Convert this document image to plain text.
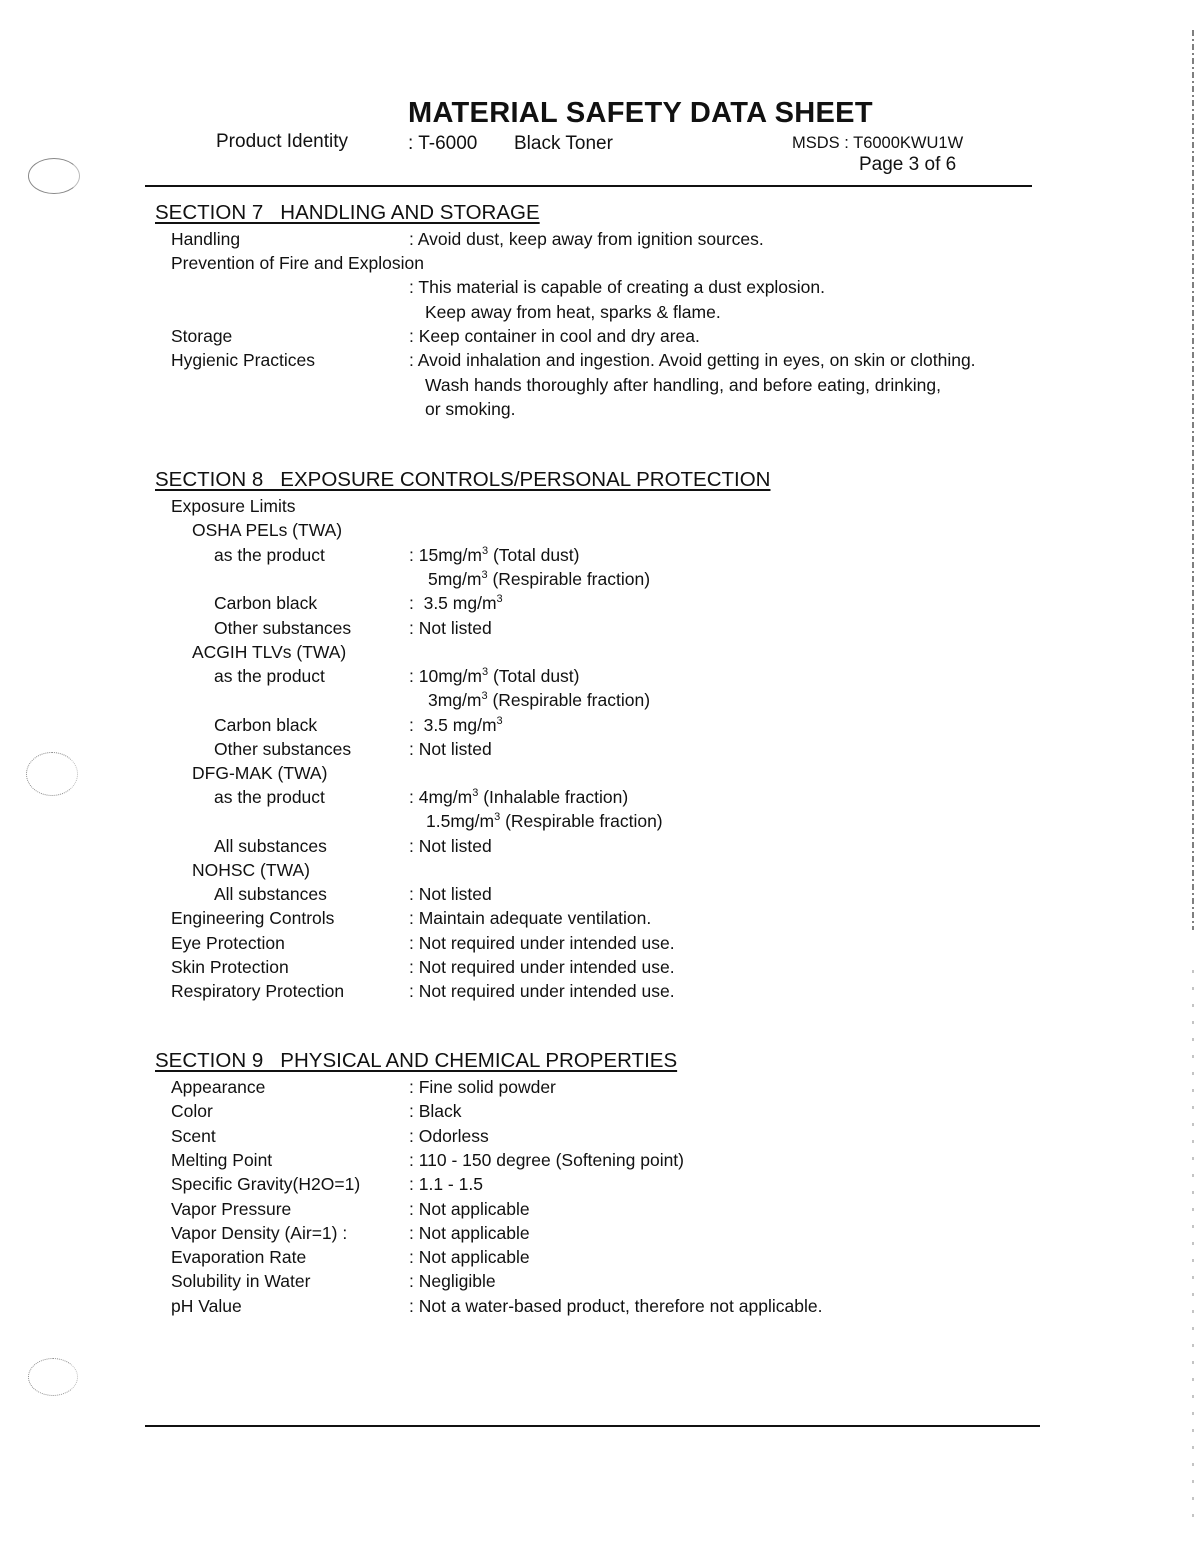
MATERIAL SAFETY DATA SHEET
Product Identity	: T-6000 Black Toner	MSDS : T6000KWU1W
Page 3 of 6
SECTION 7   HANDLING AND STORAGE
Handling	: Avoid dust, keep away from ignition sources.
Prevention of Fire and Explosion
: This material is capable of creating a dust explosion.
Keep away from heat, sparks & flame.
Storage	: Keep container in cool and dry area.
Hygienic Practices	: Avoid inhalation and ingestion. Avoid getting in eyes, on skin or clothing.
Wash hands thoroughly after handling, and before eating, drinking,
or smoking.
SECTION 8   EXPOSURE CONTROLS/PERSONAL PROTECTION
Exposure Limits
OSHA PELs (TWA)
as the product	: $15mg/m^3$ (Total dust)
$5mg/m^3$ (Respirable fraction)
Carbon black	:  3.5 $mg/m^3$
Other substances	: Not listed
ACGIH TLVs (TWA)
as the product	: $10mg/m^3$ (Total dust)
$3mg/m^3$ (Respirable fraction)
Carbon black	:  3.5 $mg/m^3$
Other substances	: Not listed
DFG-MAK (TWA)
as the product	: $4mg/m^3$ (Inhalable fraction)
$1.5mg/m^3$ (Respirable fraction)
All substances	: Not listed
NOHSC (TWA)
All substances	: Not listed
Engineering Controls	: Maintain adequate ventilation.
Eye Protection	: Not required under intended use.
Skin Protection	: Not required under intended use.
Respiratory Protection	: Not required under intended use.
SECTION 9   PHYSICAL AND CHEMICAL PROPERTIES
Appearance	: Fine solid powder
Color	: Black
Scent	: Odorless
Melting Point	: 110 - 150 degree (Softening point)
Specific Gravity(H2O=1)	: 1.1 - 1.5
Vapor Pressure	: Not applicable
Vapor Density (Air=1) :	: Not applicable
Evaporation Rate	: Not applicable
Solubility in Water	: Negligible
pH Value	: Not a water-based product, therefore not applicable.
